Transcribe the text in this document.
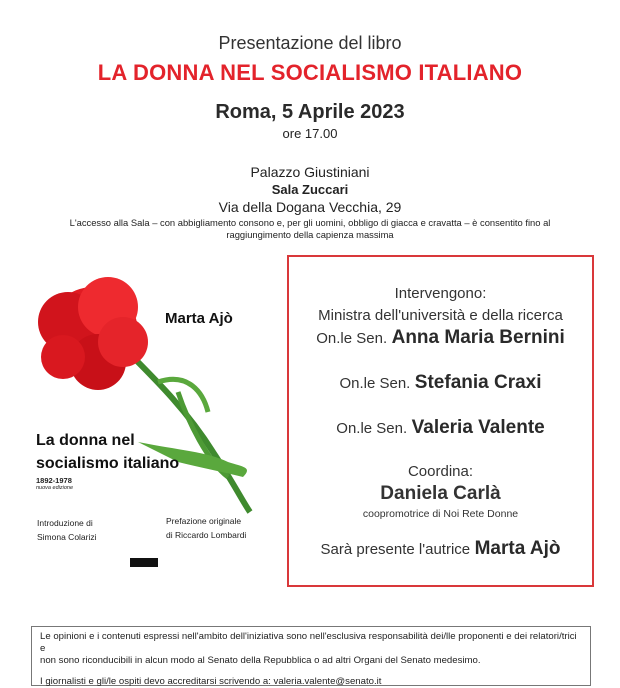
Presentazione del libro
LA DONNA NEL SOCIALISMO ITALIANO
Roma, 5 Aprile 2023
ore 17.00
Palazzo Giustiniani
Sala Zuccari
Via della Dogana Vecchia, 29
L'accesso alla Sala – con abbigliamento consono e, per gli uomini, obbligo di giacca e cravatta – è consentito fino al
raggiungimento della capienza massima
Marta Ajò
La donna nel
socialismo italiano
1892-1978
nuova edizione
Introduzione di
Simona Colarizi
Prefazione originale
di Riccardo Lombardi
Intervengono:
Ministra dell'università e della ricerca
On.le Sen. Anna Maria Bernini
On.le Sen. Stefania Craxi
On.le Sen. Valeria Valente
Coordina:
Daniela Carlà
coopromotrice di Noi Rete Donne
Sarà presente l'autrice Marta Ajò
Le opinioni e i contenuti espressi nell'ambito dell'iniziativa sono nell'esclusiva responsabilità dei/lle proponenti e dei relatori/trici e
non sono riconducibili in alcun modo al Senato della Repubblica o ad altri Organi del Senato medesimo.
I giornalisti e gli/le ospiti devo accreditarsi scrivendo a: valeria.valente@senato.it
